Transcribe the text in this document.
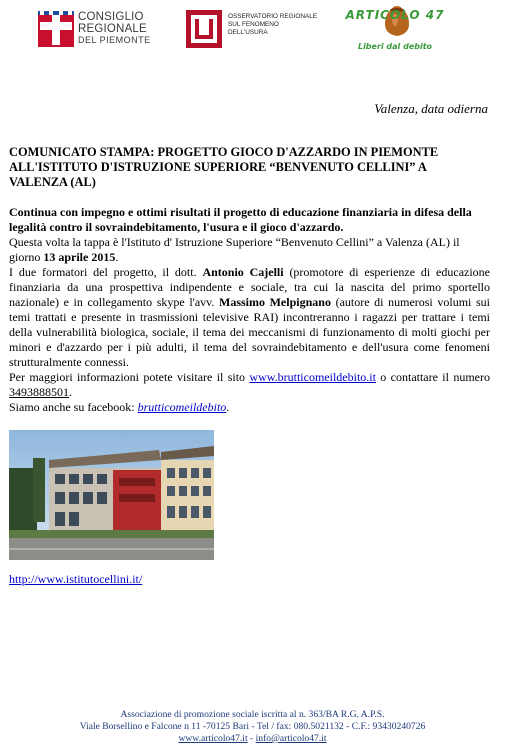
CONSIGLIO
REGIONALE
DEL PIEMONTE
OSSERVATORIO REGIONALE
SUL FENOMENO
DELL'USURA
ARTICOLO 47
Liberi dal debito
Valenza, data odierna

COMUNICATO STAMPA: PROGETTO GIOCO D'AZZARDO IN PIEMONTE
ALL'ISTITUTO D'ISTRUZIONE SUPERIORE “BENVENUTO CELLINI” A
VALENZA (AL)

Continua con impegno e ottimi risultati il progetto di educazione finanziaria in difesa della legalità contro il sovraindebitamento, l'usura e il gioco d'azzardo.

Questa volta la tappa è l'Istituto d' Istruzione Superiore “Benvenuto Cellini” a Valenza (AL) il giorno 13 aprile 2015.

I due formatori del progetto, il dott. Antonio Cajelli (promotore di esperienze di educazione finanziaria da una prospettiva indipendente e sociale, tra cui la nascita del primo sportello nazionale) e in collegamento skype l'avv. Massimo Melpignano (autore di numerosi volumi sui temi trattati e presente in trasmissioni televisive RAI) incontreranno i ragazzi per trattare i temi della vulnerabilità biologica, sociale, il tema dei meccanismi di funzionamento di molti giochi per minori e d'azzardo per i più adulti, il tema del sovraindebitamento e dell'usura come fenomeni strutturalmente connessi.

Per maggiori informazioni potete visitare il sito www.brutticomeildebito.it o contattare il numero 3493888501.

Siamo anche su facebook: brutticomeildebito.

http://www.istitutocellini.it/
Associazione di promozione sociale iscritta al n. 363/BA R.G. A.P.S.
Viale Borsellino e Falcone n 11 -70125 Bari - Tel / fax: 080.5021132 - C.F.: 93430240726
www.articolo47.it - info@articolo47.it
